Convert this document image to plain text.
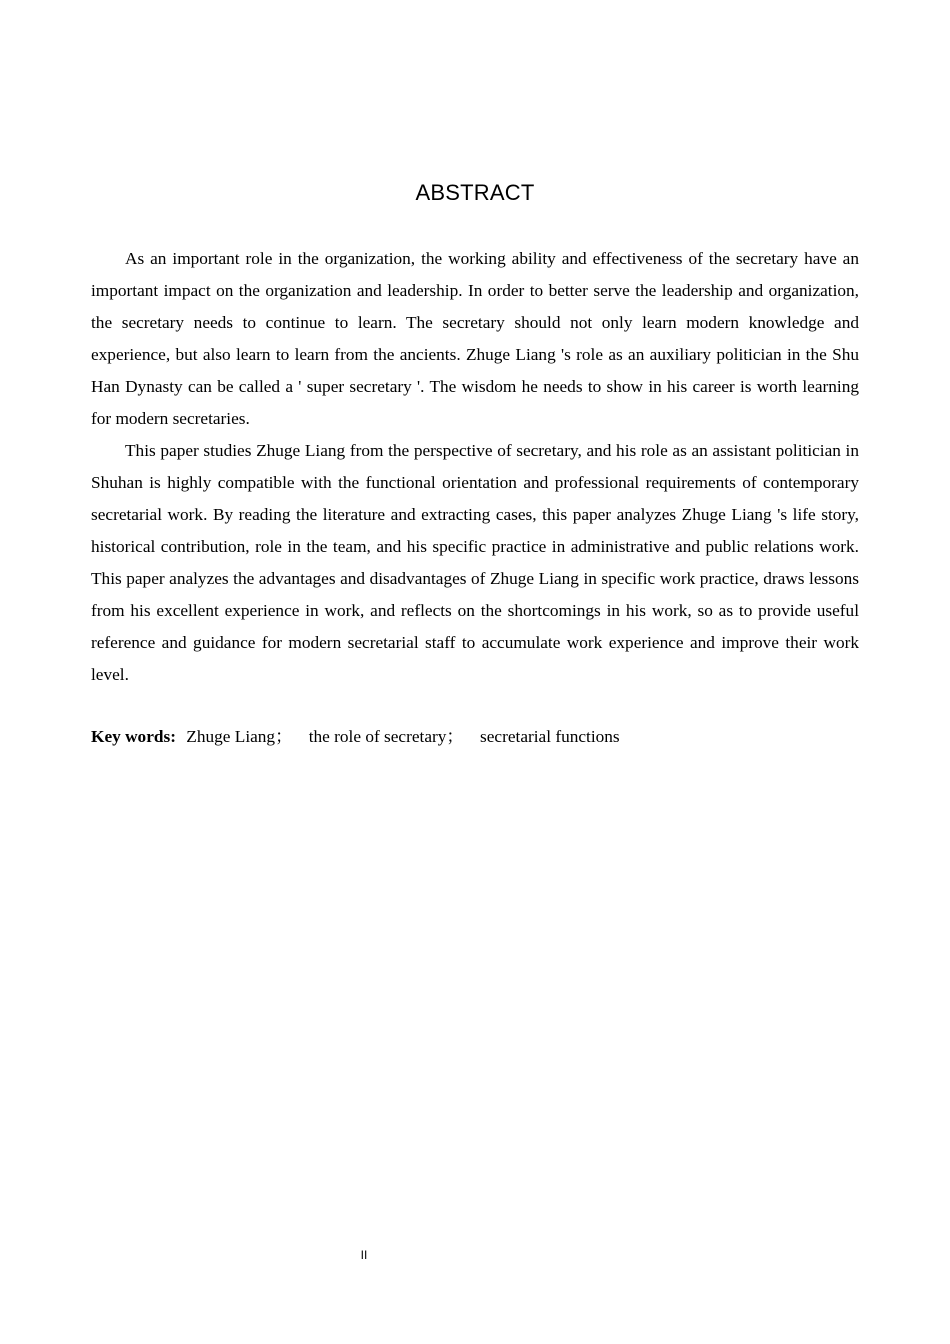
ABSTRACT

As an important role in the organization, the working ability and effectiveness of the secretary have an important impact on the organization and leadership. In order to better serve the leadership and organization, the secretary needs to continue to learn. The secretary should not only learn modern knowledge and experience, but also learn to learn from the ancients. Zhuge Liang 's role as an auxiliary politician in the Shu Han Dynasty can be called a ' super secretary '. The wisdom he needs to show in his career is worth learning for modern secretaries.

This paper studies Zhuge Liang from the perspective of secretary, and his role as an assistant politician in Shuhan is highly compatible with the functional orientation and professional requirements of contemporary secretarial work. By reading the literature and extracting cases, this paper analyzes Zhuge Liang 's life story, historical contribution, role in the team, and his specific practice in administrative and public relations work. This paper analyzes the advantages and disadvantages of Zhuge Liang in specific work practice, draws lessons from his excellent experience in work, and reflects on the shortcomings in his work, so as to provide useful reference and guidance for modern secretarial staff to accumulate work experience and improve their work level.

Key words: Zhuge Liang； the role of secretary； secretarial functions
II
